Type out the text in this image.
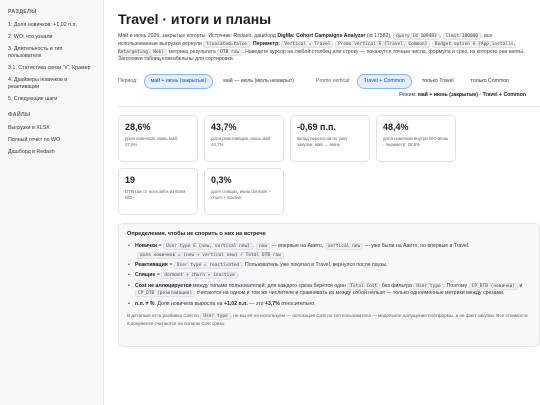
РАЗДЕЛЫ
1. Доля новичков: +1,02 п.п.
2. WO: что узнали
3. Длительность и тип пользователя
3.1. Статистика связи "х", Крамер
4. Драйверы новичков и реактивации
5. Следующие шаги
ФАЙЛЫ
Выгрузки в XLSX
Полный отчёт по WO
Дашборд в Redash
Travel · итоги и планы

Май и июнь 2026, закрытые когорты. Источник: Redash, дашборд DigMa: Cohort Campaigns Analyzer (id 17582), query_id 109483 , limit 100000 , все использованные выгрузки вернули truncated=false . Периметр: Vertical = Travel Promo vertical ∈ {Travel, Common} Budget option ∈ {App_installs, Retargeting, Web} метрика результата DTB raw . Наведите курсор на любой столбец или строку — покажутся точные числа, формула и срез, из которого они взяты. Заголовки таблиц кликабельны для сортировки.

Период:	май + июнь (закрытые)	май — июль (июль незакрыт)	Promo vertical:	Travel + Common	только Travel	только Common
Режим: май + июнь (закрытые) · Travel + Common
28,6%
доля новичков, июнь май: 27,6%
43,7%
доля реактивации, июнь май: 44,7%
-0,69 п.п.
вклад перекосов по типу закупки: май → июнь
48,4%
доля новичков внутри WO июнь · периметр: 28,6%
19
DTB raw от всех айти из всём WO
0,3%
доля спящих, июнь dormant + churn + inactive
Определения, чтобы не спорить о них на встрече
• Новички = User type ∈ {new, vertical new} . new — впервые на Авито, vertical new — уже были на Авито, но впервые в Travel.
доля новичков = (new + vertical new) / Total DTB raw
• Реактивация = User type = reactivated . Пользователь уже покупал в Travel, вернулся после паузы.
• Спящие = dormant + churn + inactive .
• Cost не аллоцируется между типами пользователей: для каждого среза берётся один Total Cost без фильтра User type . Поэтому CP_DTB (новички) и CP_DTB (реактивация) считаются на одном и том же числителе и сравнивать их между собой нельзя — только одноимённые метрики между срезами.
• п.п. ≠ %. Доля новичков выросла на +1,02 п.п. — это +3,7% относительно.

В детальке есть разбивка Cost по User type , но мы её не используем — аллокация Cost на тип пользователя — модельное допущение платформы, а не факт закупки. Все стоимости в документе считаются на полном Cost среза.
